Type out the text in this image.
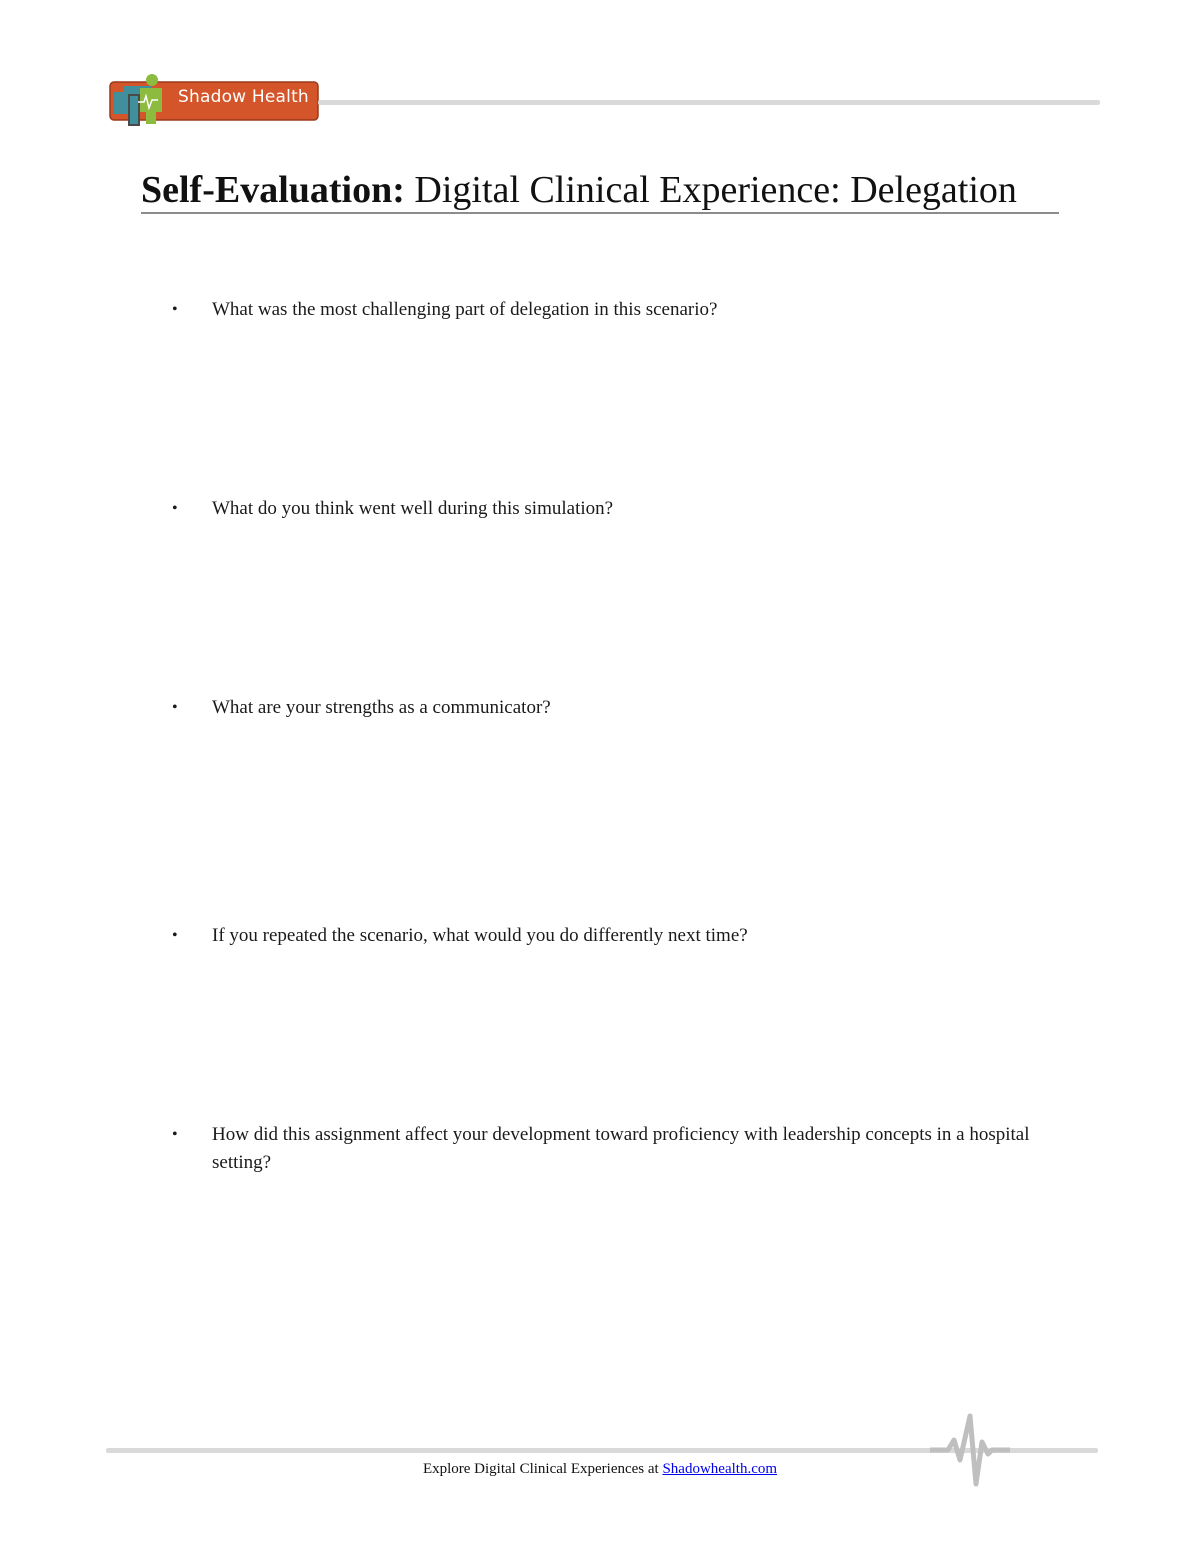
Shadow Health
Self-Evaluation: Digital Clinical Experience: Delegation
• What was the most challenging part of delegation in this scenario?
• What do you think went well during this simulation?
• What are your strengths as a communicator?
• If you repeated the scenario, what would you do differently next time?
• How did this assignment affect your development toward proficiency with leadership concepts in a hospital setting?
Explore Digital Clinical Experiences at Shadowhealth.com
